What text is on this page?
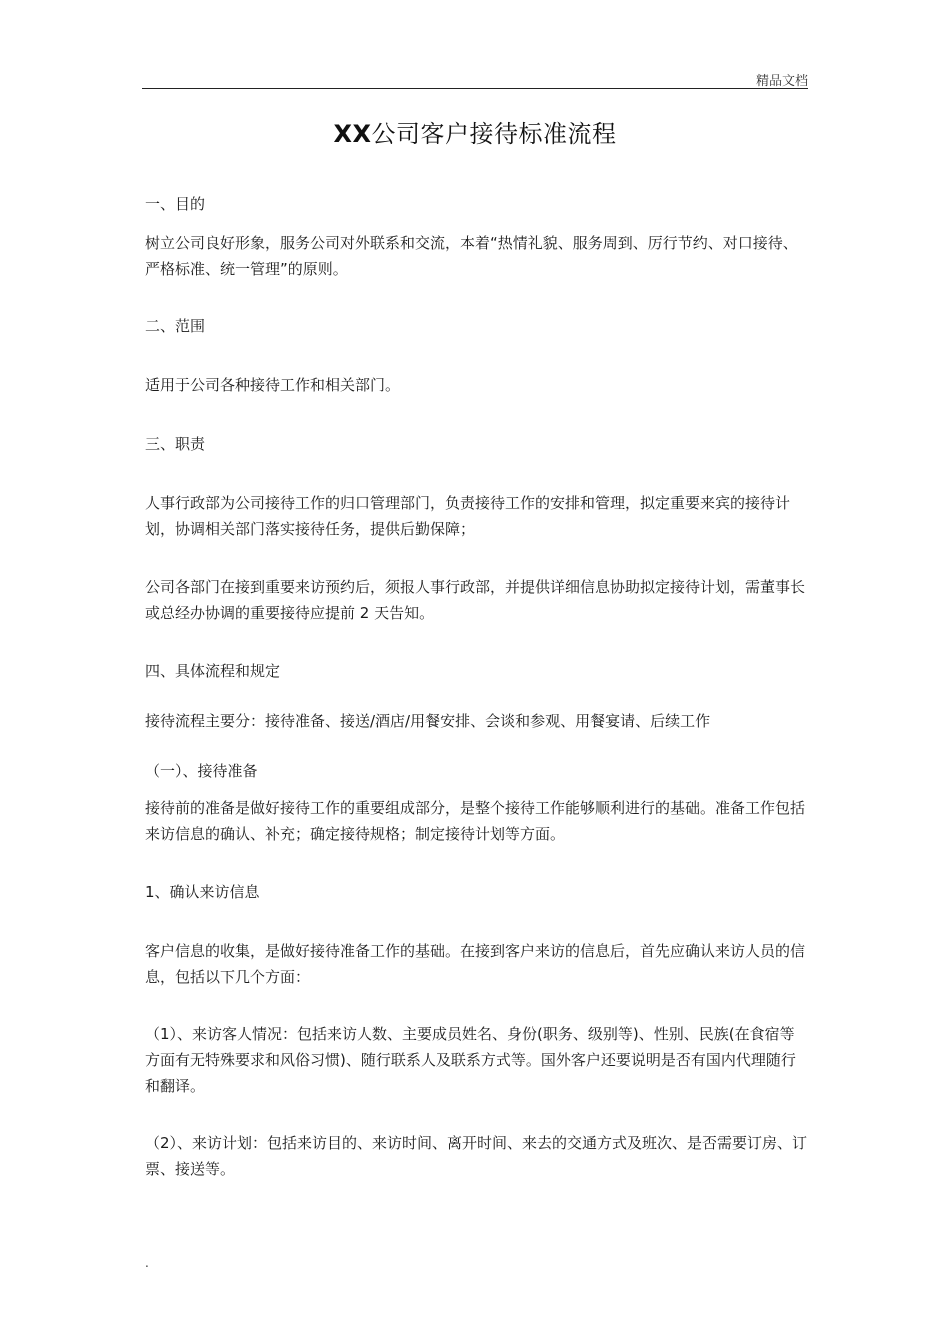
精品文档
XX公司客户接待标准流程

一、目的

树立公司良好形象，服务公司对外联系和交流，本着“热情礼貌、服务周到、厉行节约、对口接待、严格标准、统一管理”的原则。

二、范围

适用于公司各种接待工作和相关部门。

三、职责

人事行政部为公司接待工作的归口管理部门，负责接待工作的安排和管理，拟定重要来宾的接待计划，协调相关部门落实接待任务，提供后勤保障；

公司各部门在接到重要来访预约后，须报人事行政部，并提供详细信息协助拟定接待计划，需董事长或总经办协调的重要接待应提前 2 天告知。

四、具体流程和规定

接待流程主要分：接待准备、接送/酒店/用餐安排、会谈和参观、用餐宴请、后续工作

（一）、接待准备

接待前的准备是做好接待工作的重要组成部分，是整个接待工作能够顺利进行的基础。准备工作包括来访信息的确认、补充；确定接待规格；制定接待计划等方面。

1、确认来访信息

客户信息的收集，是做好接待准备工作的基础。在接到客户来访的信息后，首先应确认来访人员的信息，包括以下几个方面：

（1）、来访客人情况：包括来访人数、主要成员姓名、身份(职务、级别等)、性别、民族(在食宿等方面有无特殊要求和风俗习惯)、随行联系人及联系方式等。国外客户还要说明是否有国内代理随行和翻译。

（2）、来访计划：包括来访目的、来访时间、离开时间、来去的交通方式及班次、是否需要订房、订票、接送等。

.
